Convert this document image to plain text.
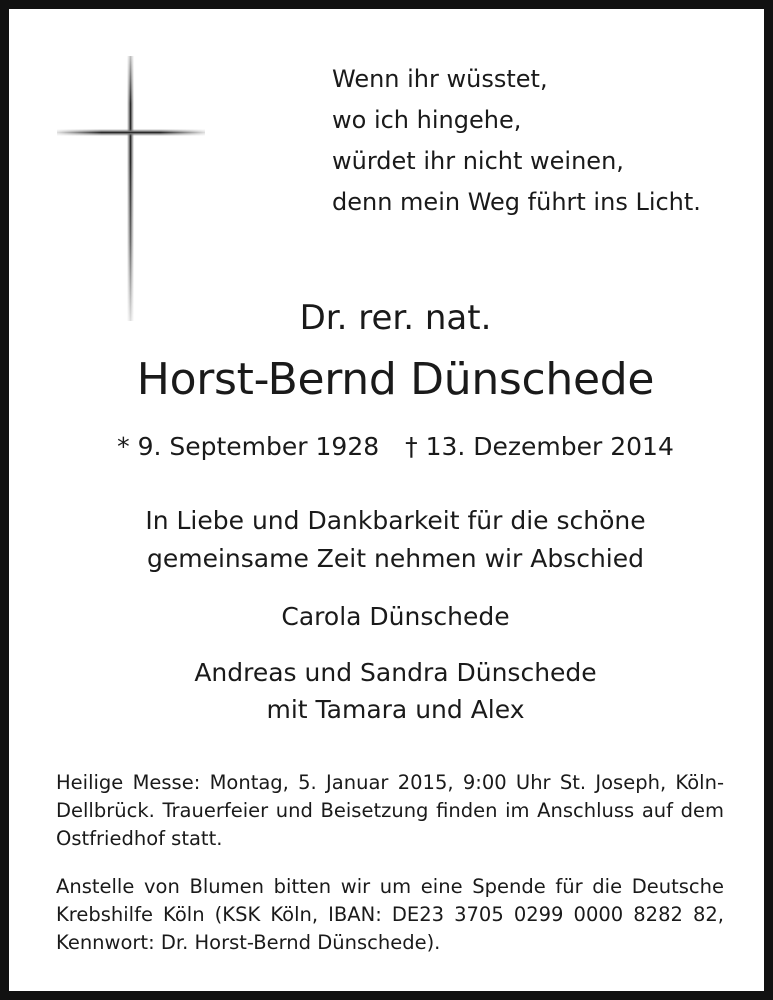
Wenn ihr wüsstet,
wo ich hingehe,
würdet ihr nicht weinen,
denn mein Weg führt ins Licht.
Dr. rer. nat.
Horst-Bernd Dünschede
* 9. September 1928 † 13. Dezember 2014
In Liebe und Dankbarkeit für die schöne
gemeinsame Zeit nehmen wir Abschied
Carola Dünschede
Andreas und Sandra Dünschede
mit Tamara und Alex
Heilige Messe: Montag, 5. Januar 2015, 9:00 Uhr St. Joseph, Köln-Dellbrück. Trauerfeier und Beisetzung finden im Anschluss auf dem Ostfriedhof statt.
Anstelle von Blumen bitten wir um eine Spende für die Deutsche Krebshilfe Köln (KSK Köln, IBAN: DE23 3705 0299 0000 8282 82, Kennwort: Dr. Horst-Bernd Dünschede).
